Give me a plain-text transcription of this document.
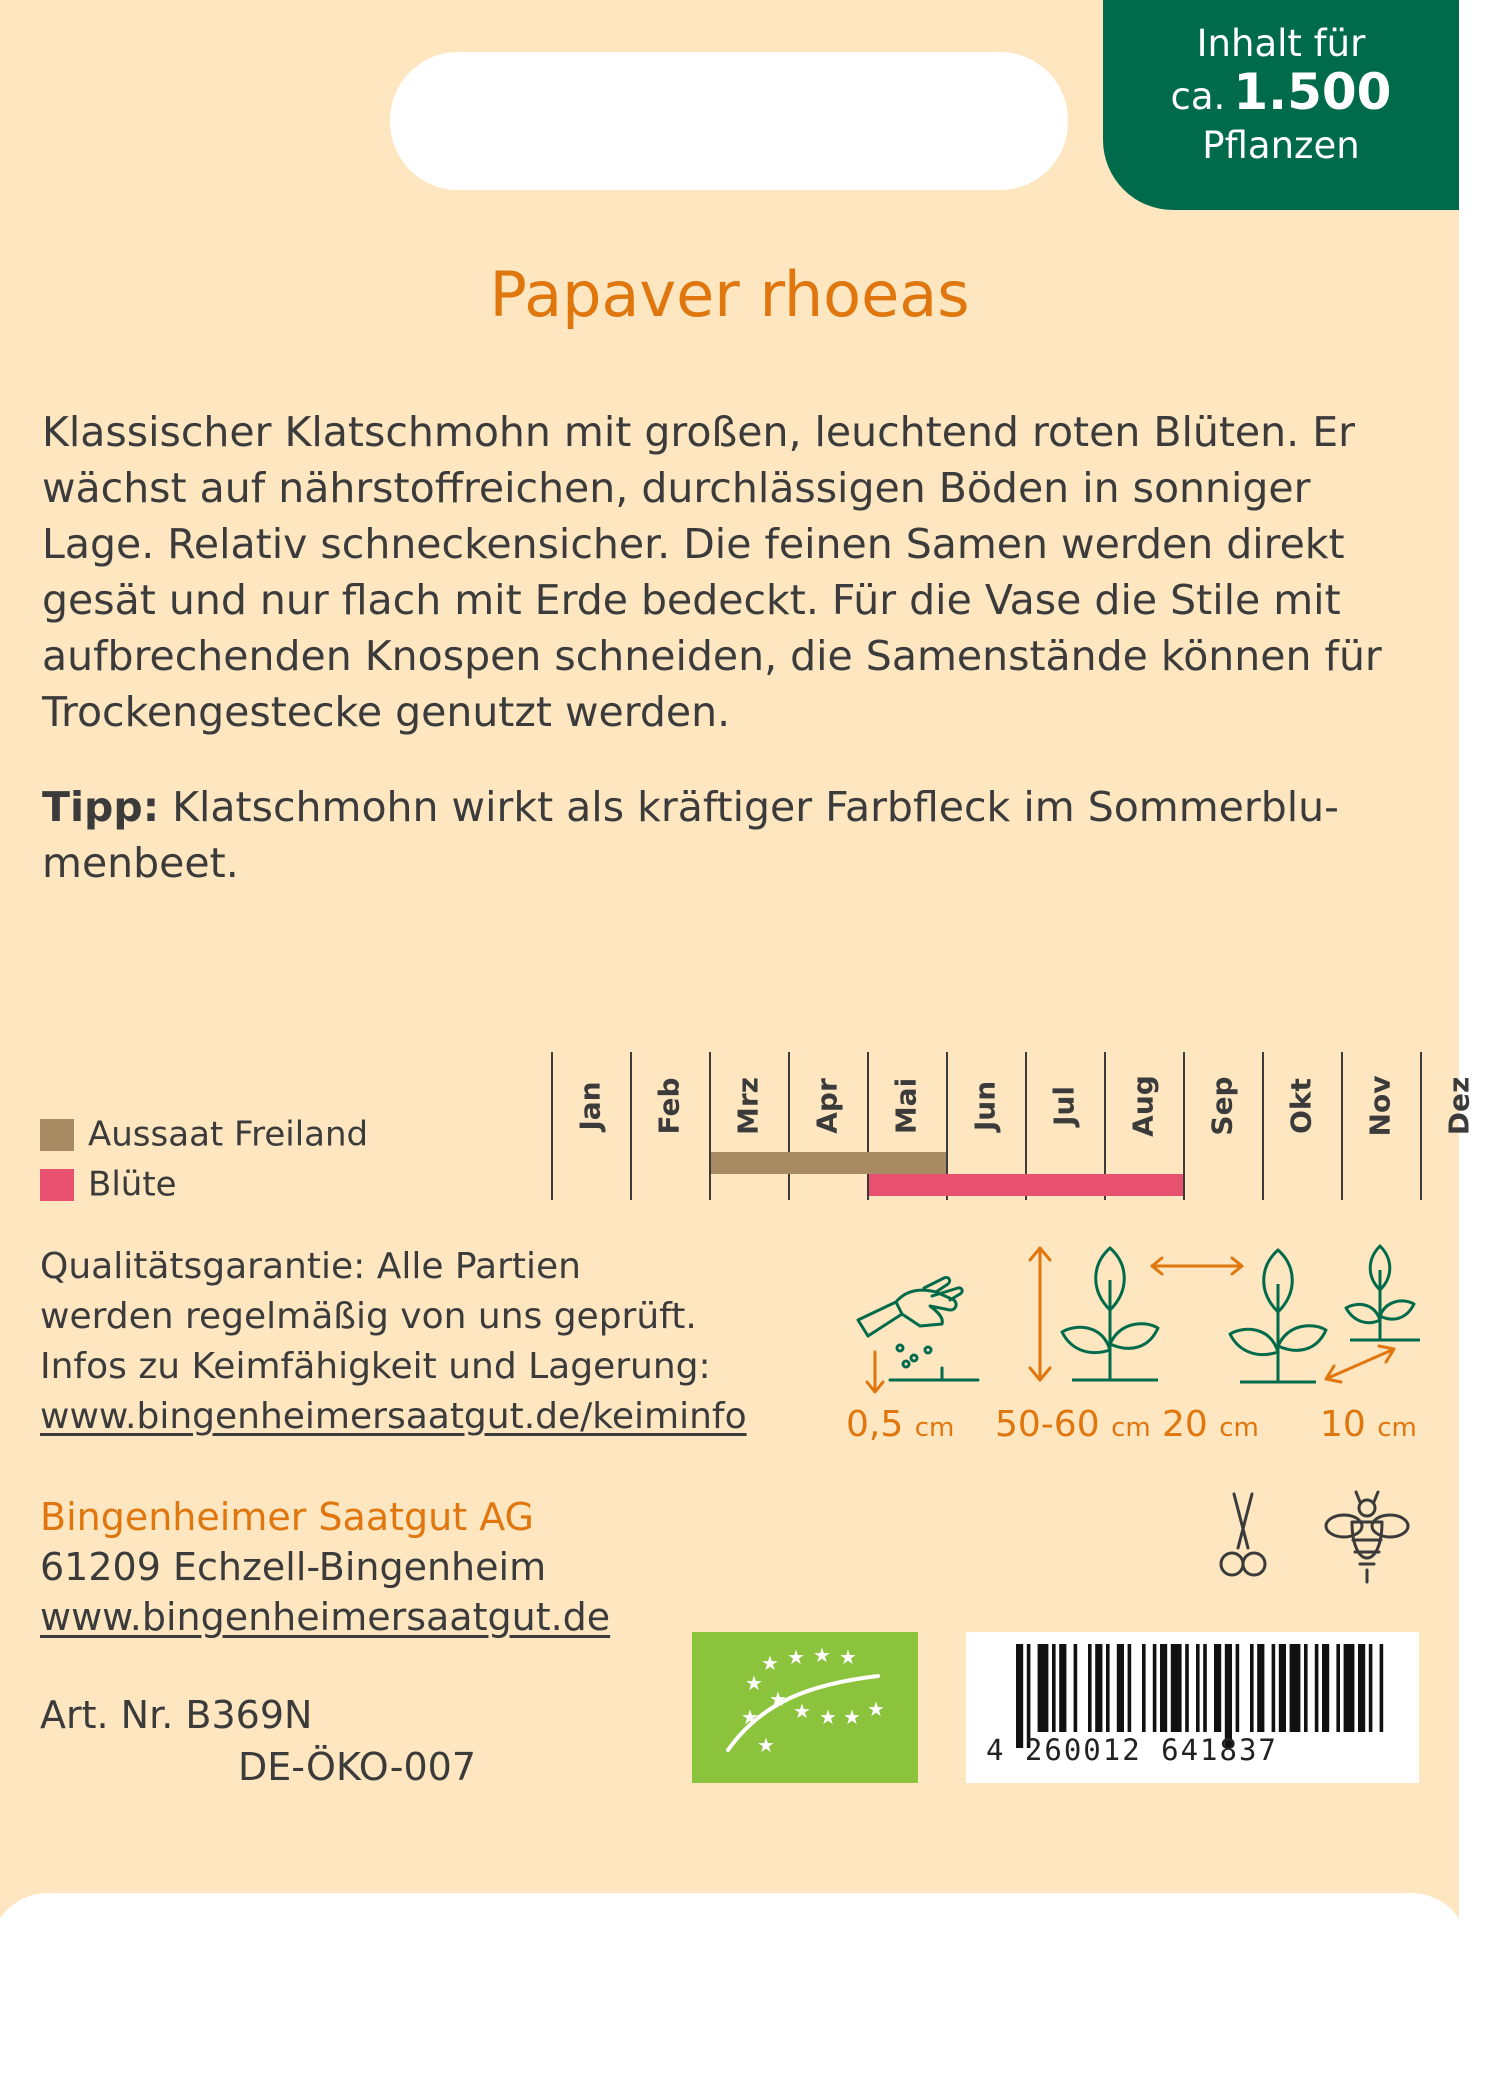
Inhalt für
ca. 1.500
Pflanzen
Papaver rhoeas

Klassischer Klatschmohn mit großen, leuchtend roten Blüten. Er
wächst auf nährstoffreichen, durchlässigen Böden in sonniger
Lage. Relativ schneckensicher. Die feinen Samen werden direkt
gesät und nur flach mit Erde bedeckt. Für die Vase die Stile mit
aufbrechenden Knospen schneiden, die Samenstände können für
Trockengestecke genutzt werden.

Tipp: Klatschmohn wirkt als kräftiger Farbfleck im Sommerblu-
menbeet.

Aussaat Freiland
Blüte
Jan Feb Mrz Apr Mai Jun Jul Aug Sep Okt Nov Dez
Qualitätsgarantie: Alle Partien
werden regelmäßig von uns geprüft.
Infos zu Keimfähigkeit und Lagerung:
www.bingenheimersaatgut.de/keiminfo	0,5 cm 50-60 cm 20 cm 10 cm
Bingenheimer Saatgut AG
61209 Echzell-Bingenheim
www.bingenheimersaatgut.de
Art. Nr. B369N
DE-ÖKO-007
★ ★ ★ ★
★
★ ★ ★ ★ ★
★
★	4 260012 641837
